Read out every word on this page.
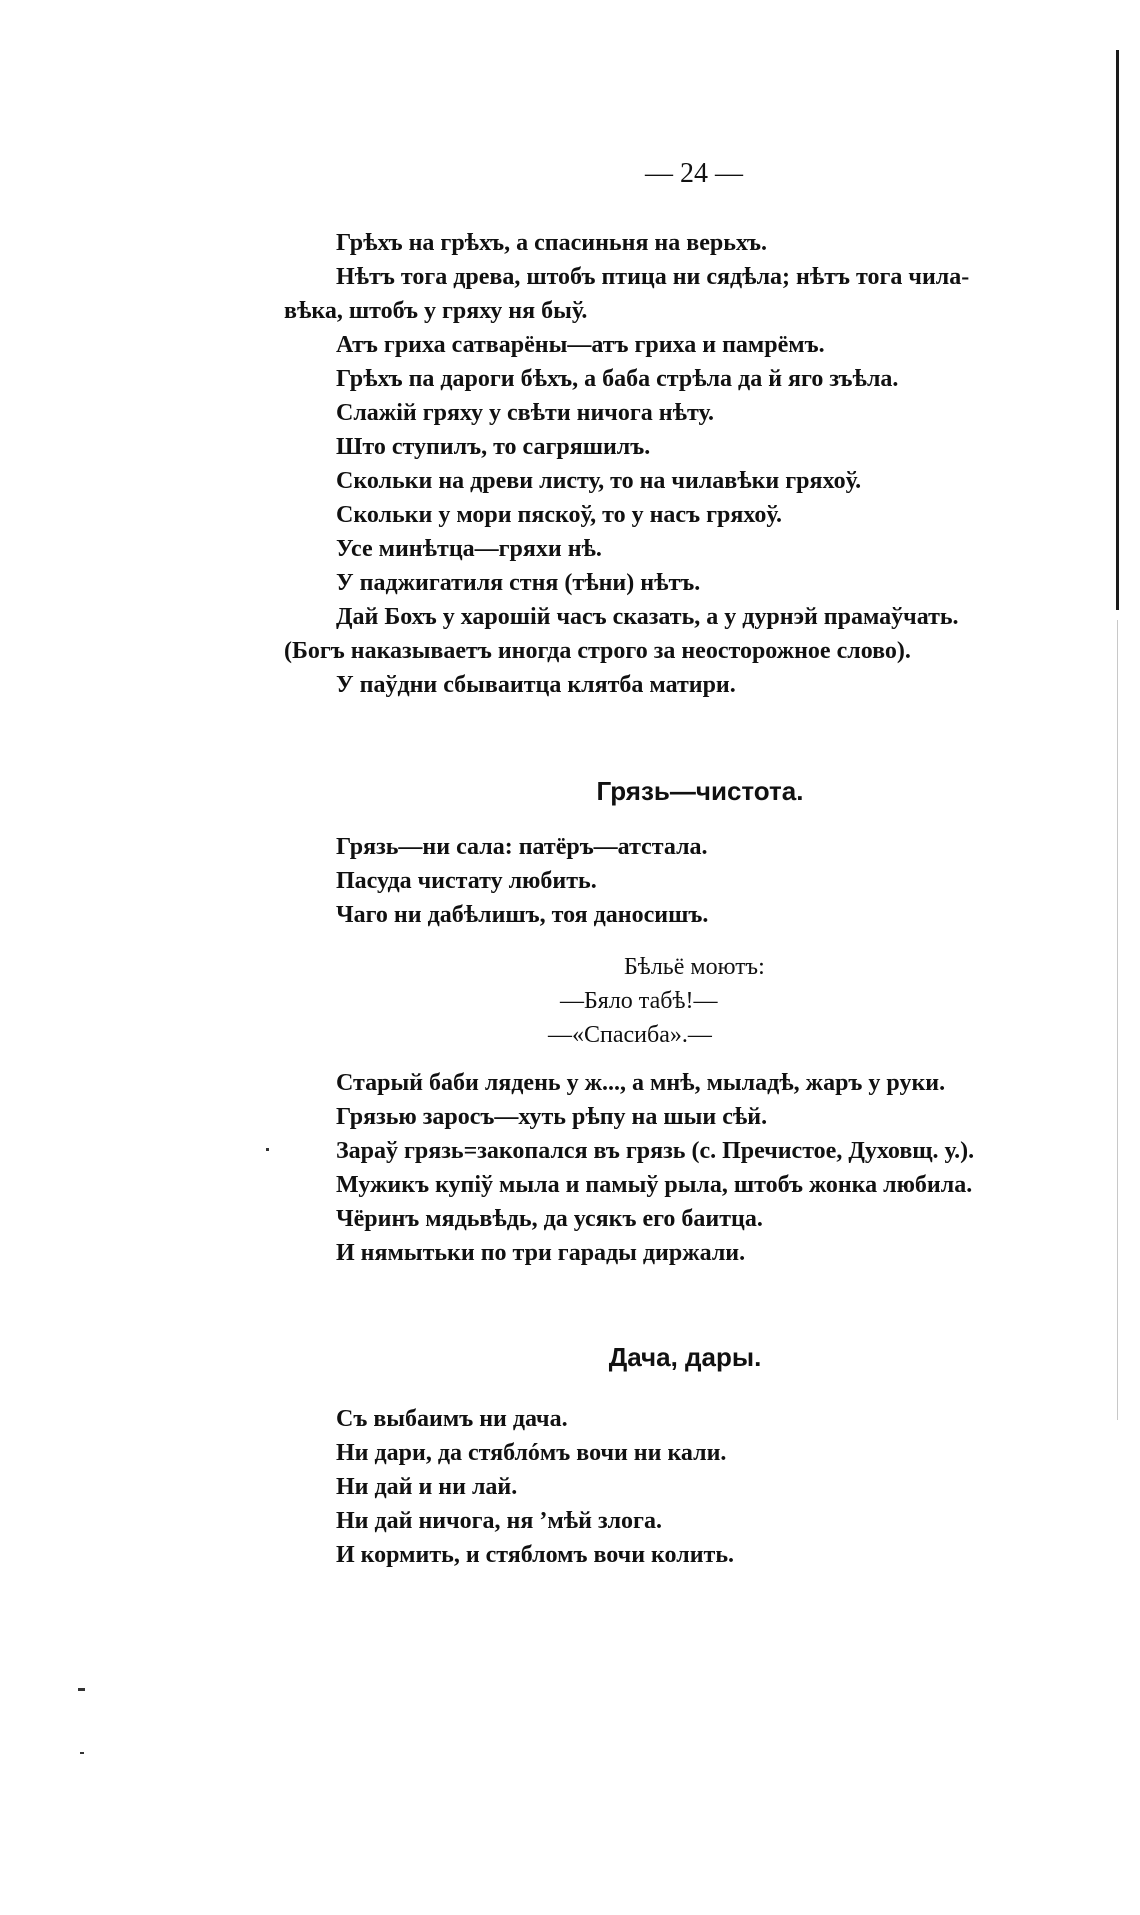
— 24 —
Грѣхъ на грѣхъ, а спасиньня на верьхъ.
Нѣтъ тога древа, штобъ птица ни сядѣла; нѣтъ тога чила-
вѣка, штобъ у гряху ня быў.
Атъ гриха сатварёны—атъ гриха и памрёмъ.
Грѣхъ па дароги бѣхъ, а баба стрѣла да й яго зъѣла.
Слажій гряху у свѣти ничога нѣту.
Што ступилъ, то сагряшилъ.
Скольки на древи листу, то на чилавѣки гряхоў.
Скольки у мори пяскоў, то у насъ гряхоў.
Усе минѣтца—гряхи нѣ.
У паджигатиля стня (тѣни) нѣтъ.
Дай Бохъ у харошій часъ сказать, а у дурнэй прамаўчать.
(Богъ наказываетъ иногда строго за неосторожное слово).
У паўдни сбываитца клятба матири.
Грязь—чистота.
Грязь—ни сала: патёръ—атстала.
Пасуда чистату любить.
Чаго ни дабѣлишъ, тоя даносишъ.
Бѣльё моютъ:
—Бяло табѣ!—
—«Спасиба».—
Старый баби лядень у ж..., а мнѣ, мыладѣ, жаръ у руки.
Грязью заросъ—хуть рѣпу на шыи сѣй.
Зараў грязь=закопался въ грязь (с. Пречистое, Духовщ. у.).
Мужикъ купіў мыла и памыў рыла, штобъ жонка любила.
Чёринъ мядьвѣдь, да усякъ его баитца.
И нямытьки по три гарады диржали.
Дача, дары.
Съ выбаимъ ни дача.
Ни дари, да стяблóмъ вочи ни кали.
Ни дай и ни лай.
Ни дай ничога, ня ’мѣй злога.
И кормить, и стябломъ вочи колить.
